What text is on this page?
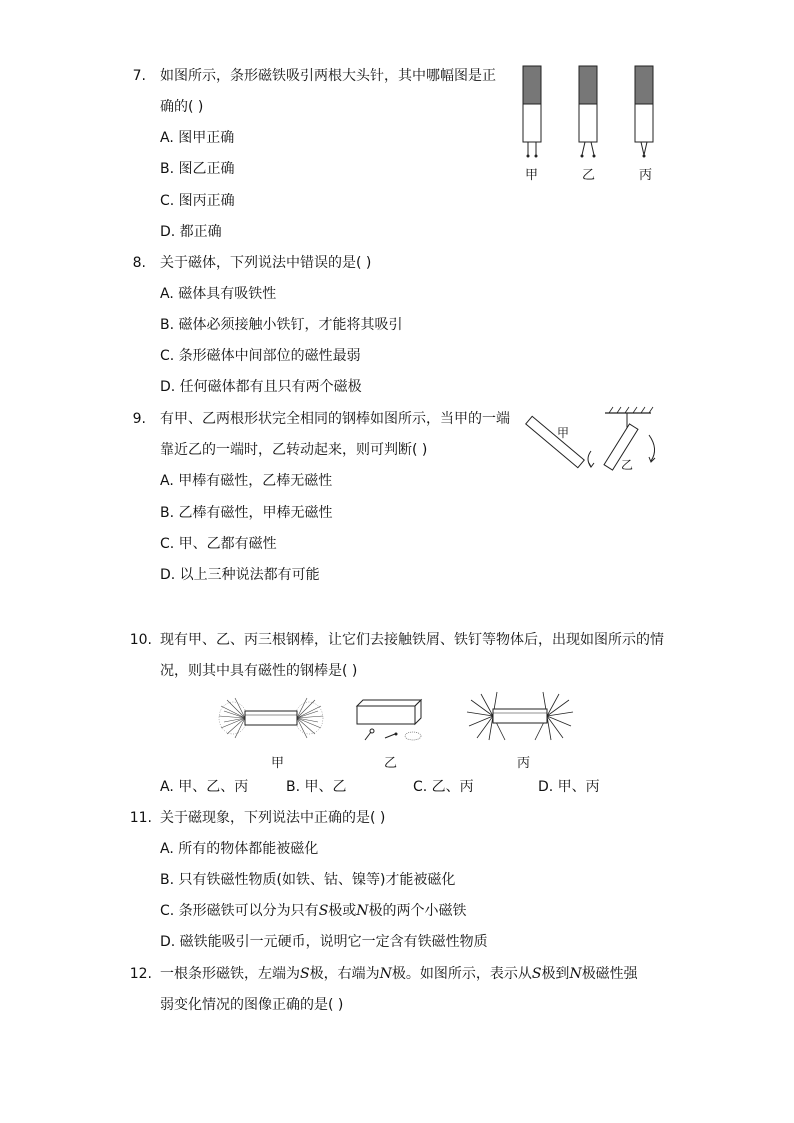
7. 如图所示，条形磁铁吸引两根大头针，其中哪幅图是正
确的( )
A. 图甲正确
B. 图乙正确
C. 图丙正确
D. 都正确
甲	乙	丙
8. 关于磁体，下列说法中错误的是( )
A. 磁体具有吸铁性
B. 磁体必须接触小铁钉，才能将其吸引
C. 条形磁体中间部位的磁性最弱
D. 任何磁体都有且只有两个磁极
9. 有甲、乙两根形状完全相同的钢棒如图所示，当甲的一端
靠近乙的一端时，乙转动起来，则可判断( )
A. 甲棒有磁性，乙棒无磁性
B. 乙棒有磁性，甲棒无磁性
C. 甲、乙都有磁性
D. 以上三种说法都有可能
甲
乙
10. 现有甲、乙、丙三根钢棒，让它们去接触铁屑、铁钉等物体后，出现如图所示的情
况，则其中具有磁性的钢棒是( )
甲	乙	丙
A. 甲、乙、丙	B. 甲、乙	C. 乙、丙	D. 甲、丙
11. 关于磁现象，下列说法中正确的是( )
A. 所有的物体都能被磁化
B. 只有铁磁性物质(如铁、钴、镍等)才能被磁化
C. 条形磁铁可以分为只有S极或N极的两个小磁铁
D. 磁铁能吸引一元硬币，说明它一定含有铁磁性物质
12. 一根条形磁铁，左端为S极，右端为N极。如图所示，表示从S极到N极磁性强
弱变化情况的图像正确的是( )
